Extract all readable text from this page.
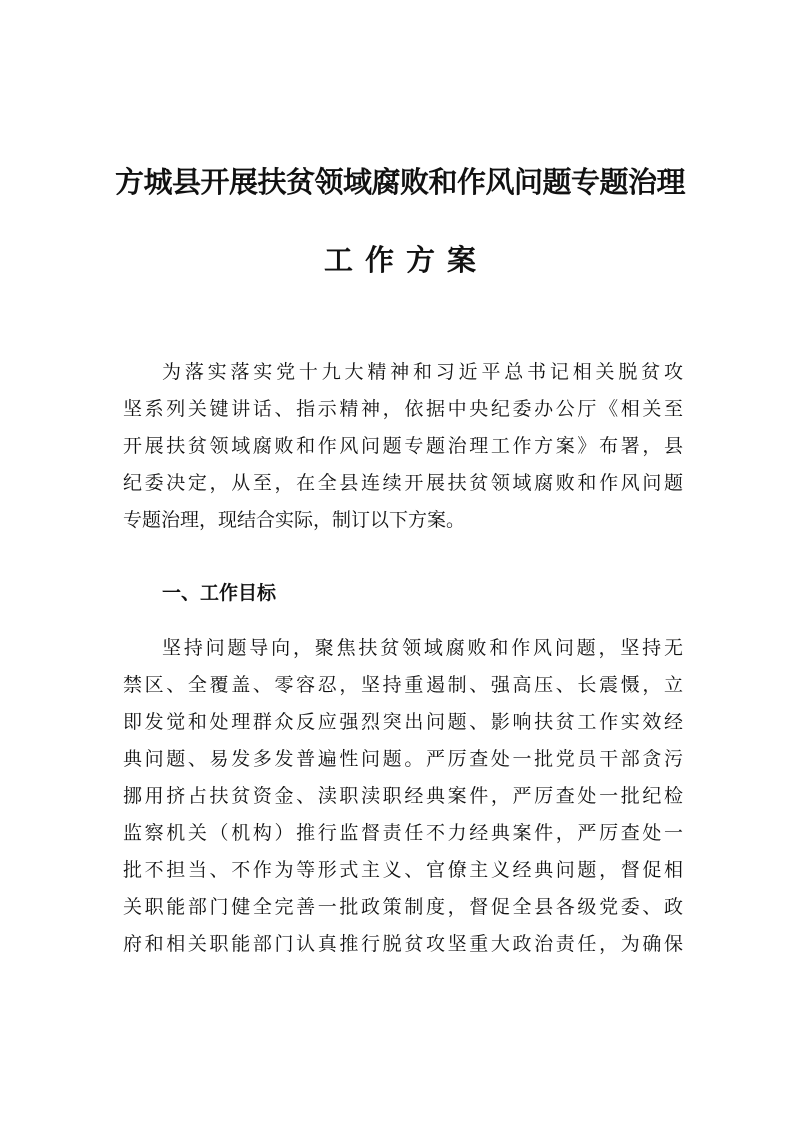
方城县开展扶贫领域腐败和作风问题专题治理
工作方案

为落实落实党十九大精神和习近平总书记相关脱贫攻

坚系列关键讲话、指示精神，依据中央纪委办公厅《相关至

开展扶贫领域腐败和作风问题专题治理工作方案》布署，县

纪委决定，从至，在全县连续开展扶贫领域腐败和作风问题

专题治理，现结合实际，制订以下方案。

一、工作目标

坚持问题导向，聚焦扶贫领域腐败和作风问题，坚持无

禁区、全覆盖、零容忍，坚持重遏制、强高压、长震慑，立

即发觉和处理群众反应强烈突出问题、影响扶贫工作实效经

典问题、易发多发普遍性问题。严厉查处一批党员干部贪污

挪用挤占扶贫资金、渎职渎职经典案件，严厉查处一批纪检

监察机关（机构）推行监督责任不力经典案件，严厉查处一

批不担当、不作为等形式主义、官僚主义经典问题，督促相

关职能部门健全完善一批政策制度，督促全县各级党委、政

府和相关职能部门认真推行脱贫攻坚重大政治责任，为确保
